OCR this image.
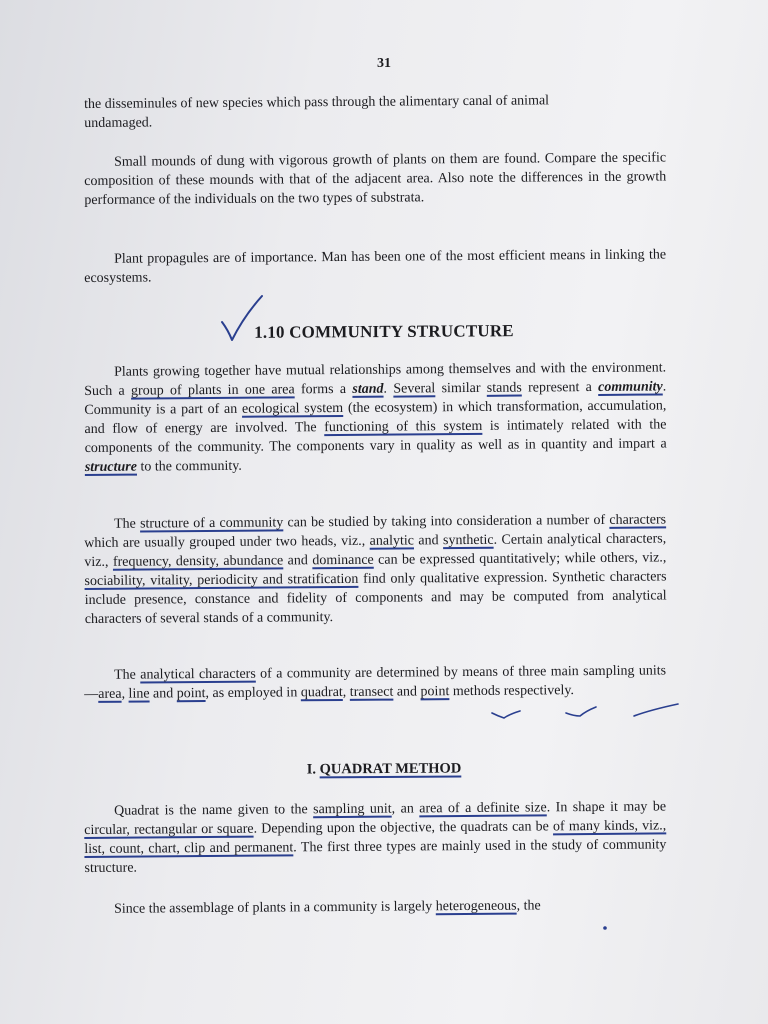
31
the disseminules of new species which pass through the alimentary canal of animal
undamaged.
Small mounds of dung with vigorous growth of plants on them are found. Compare the specific composition of these mounds with that of the adjacent area. Also note the differences in the growth performance of the individuals on the two types of substrata.
Plant propagules are of importance. Man has been one of the most efficient means in linking the ecosystems.
1.10 COMMUNITY STRUCTURE
Plants growing together have mutual relationships among themselves and with the environment. Such a group of plants in one area forms a stand. Several similar stands represent a community. Community is a part of an ecological system (the ecosystem) in which transformation, accumulation, and flow of energy are involved. The functioning of this system is intimately related with the components of the community. The components vary in quality as well as in quantity and impart a structure to the community.
The structure of a community can be studied by taking into consideration a number of characters which are usually grouped under two heads, viz., analytic and synthetic. Certain analytical characters, viz., frequency, density, abundance and dominance can be expressed quantitatively; while others, viz., sociability, vitality, periodicity and stratification find only qualitative expression. Synthetic characters include presence, constance and fidelity of components and may be computed from analytical characters of several stands of a community.
The analytical characters of a community are determined by means of three main sampling units—area, line and point, as employed in quadrat, transect and point methods respectively.
I. QUADRAT METHOD
Quadrat is the name given to the sampling unit, an area of a definite size. In shape it may be circular, rectangular or square. Depending upon the objective, the quadrats can be of many kinds, viz., list, count, chart, clip and permanent. The first three types are mainly used in the study of community structure.
Since the assemblage of plants in a community is largely heterogeneous, the
